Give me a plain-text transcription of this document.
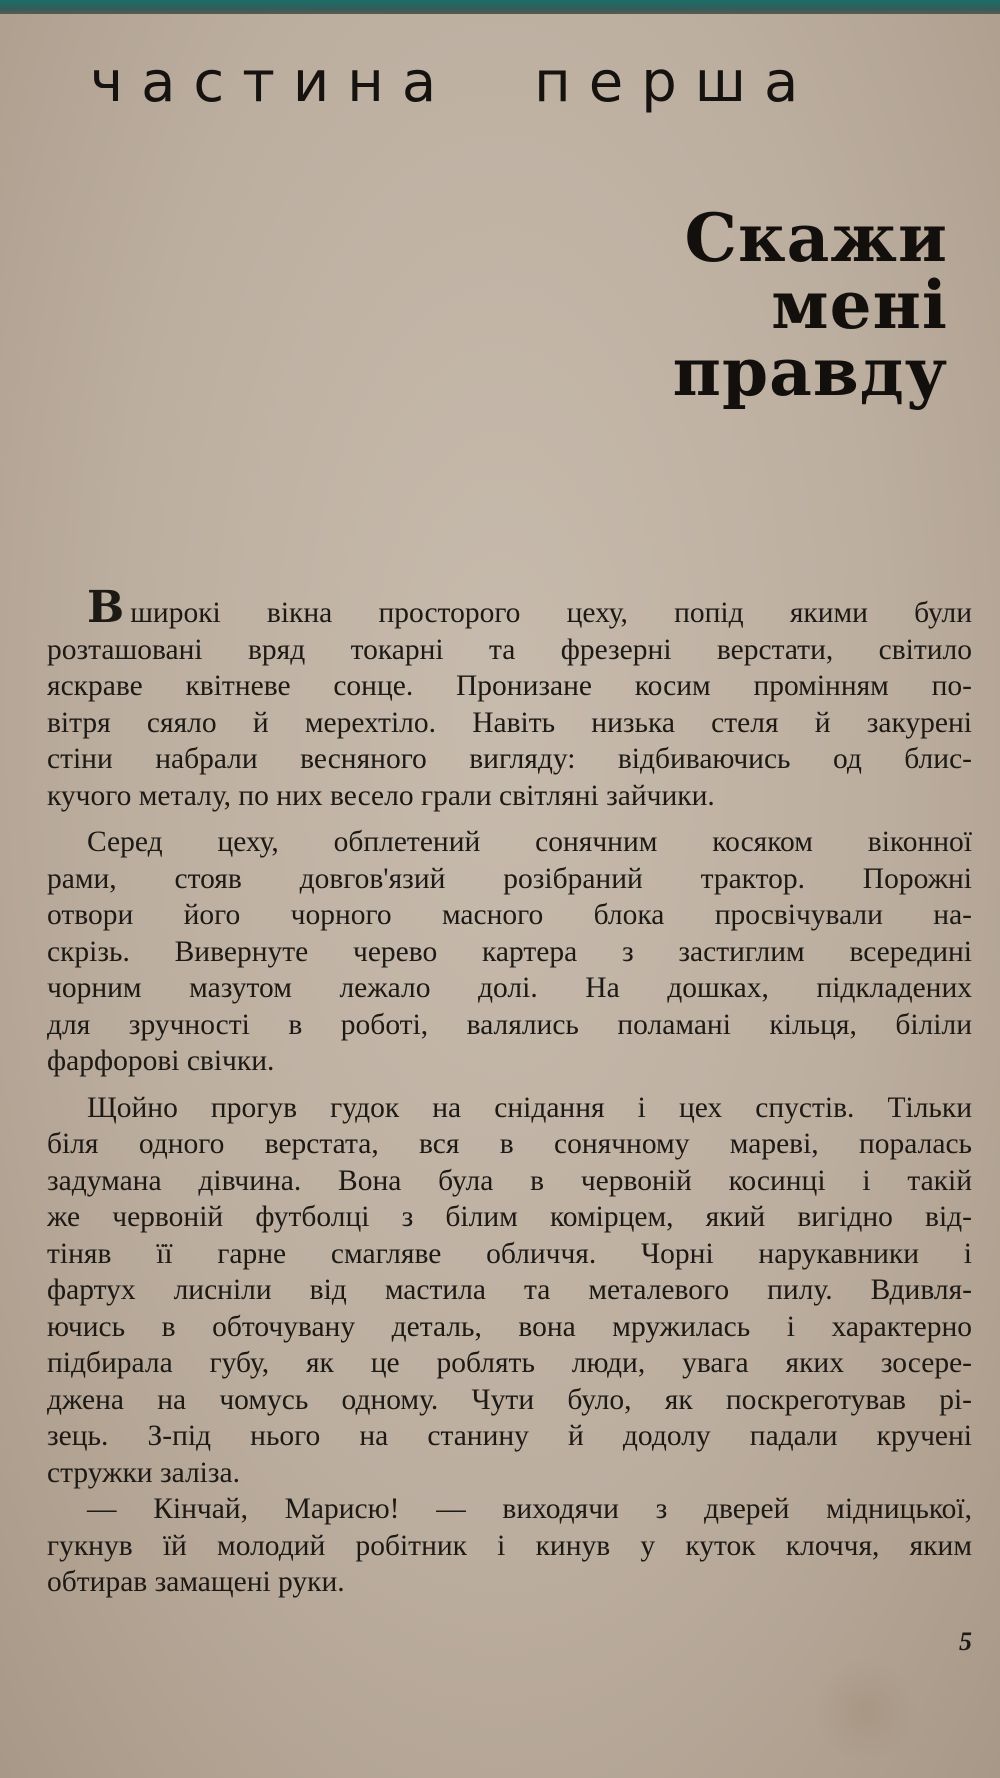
частина перша
Скажи
мені
правду

В широкі вікна просторого цеху, попід якими були
розташовані вряд токарні та фрезерні верстати, світило
яскраве квітневе сонце. Пронизане косим промінням по-
вітря сяяло й мерехтіло. Навіть низька стеля й закурені
стіни набрали весняного вигляду: відбиваючись од блис-
кучого металу, по них весело грали світляні зайчики.

Серед цеху, обплетений сонячним косяком віконної
рами, стояв довгов'язий розібраний трактор. Порожні
отвори його чорного масного блока просвічували на-
скрізь. Вивернуте черево картера з застиглим всередині
чорним мазутом лежало долі. На дошках, підкладених
для зручності в роботі, валялись поламані кільця, біліли
фарфорові свічки.

Щойно прогув гудок на снідання і цех спустів. Тільки
біля одного верстата, вся в сонячному мареві, поралась
задумана дівчина. Вона була в червоній косинці і такій
же червоній футболці з білим комірцем, який вигідно від-
тіняв її гарне смагляве обличчя. Чорні нарукавники і
фартух лисніли від мастила та металевого пилу. Вдивля-
ючись в обточувану деталь, вона мружилась і характерно
підбирала губу, як це роблять люди, увага яких зосере-
джена на чомусь одному. Чути було, як поскреготував рі-
зець. З-під нього на станину й додолу падали кручені
стружки заліза.

— Кінчай, Марисю! — виходячи з дверей мідницької,
гукнув їй молодий робітник і кинув у куток клоччя, яким
обтирав замащені руки.

5
